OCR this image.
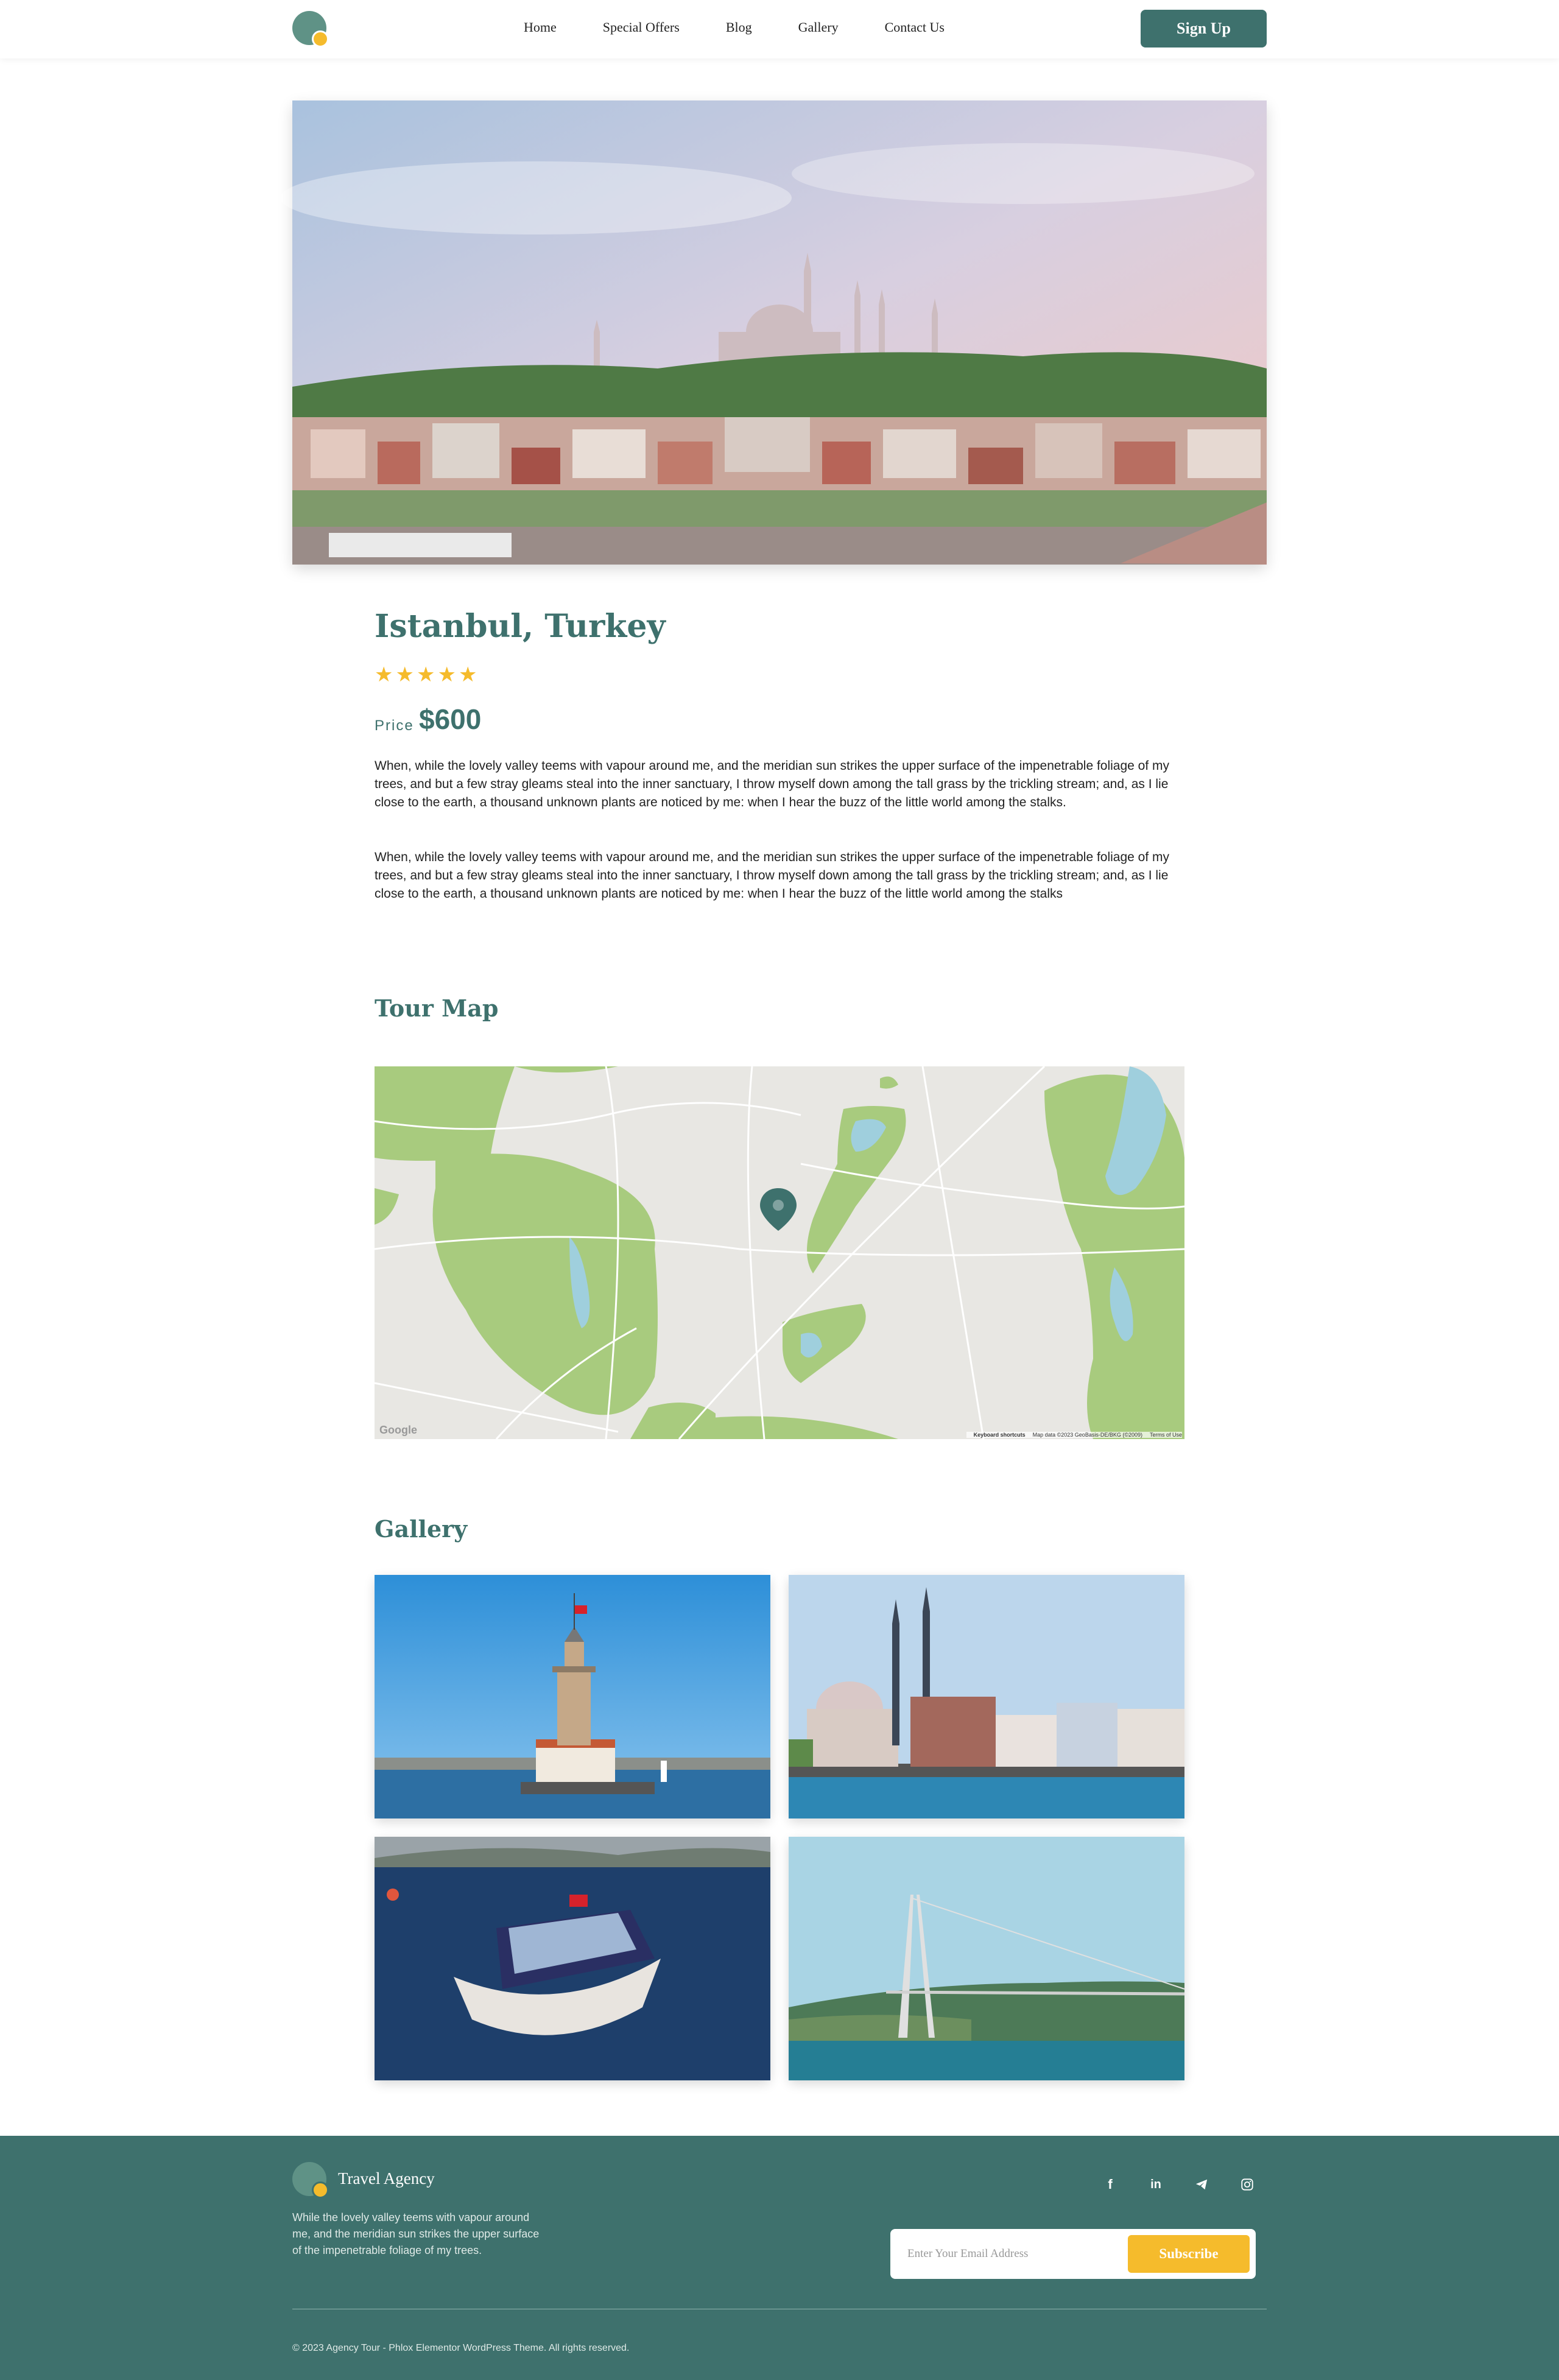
Home	Special Offers	Blog	Gallery	Contact Us	Sign Up
Istanbul, Turkey
★ ★ ★ ★ ★
Price $600
When, while the lovely valley teems with vapour around me, and the meridian sun strikes the upper surface of the impenetrable foliage of my trees, and but a few stray gleams steal into the inner sanctuary, I throw myself down among the tall grass by the trickling stream; and, as I lie close to the earth, a thousand unknown plants are noticed by me: when I hear the buzz of the little world among the stalks.
When, while the lovely valley teems with vapour around me, and the meridian sun strikes the upper surface of the impenetrable foliage of my trees, and but a few stray gleams steal into the inner sanctuary, I throw myself down among the tall grass by the trickling stream; and, as I lie close to the earth, a thousand unknown plants are noticed by me: when I hear the buzz of the little world among the stalks
Tour Map
Google	Keyboard shortcuts Map data ©2023 GeoBasis-DE/BKG (©2009) Terms of Use
Gallery
Travel Agency
While the lovely valley teems with vapour around me, and the meridian sun strikes the upper surface of the impenetrable foliage of my trees.
f	in
Enter Your Email Address	Subscribe
© 2023 Agency Tour - Phlox Elementor WordPress Theme. All rights reserved.
